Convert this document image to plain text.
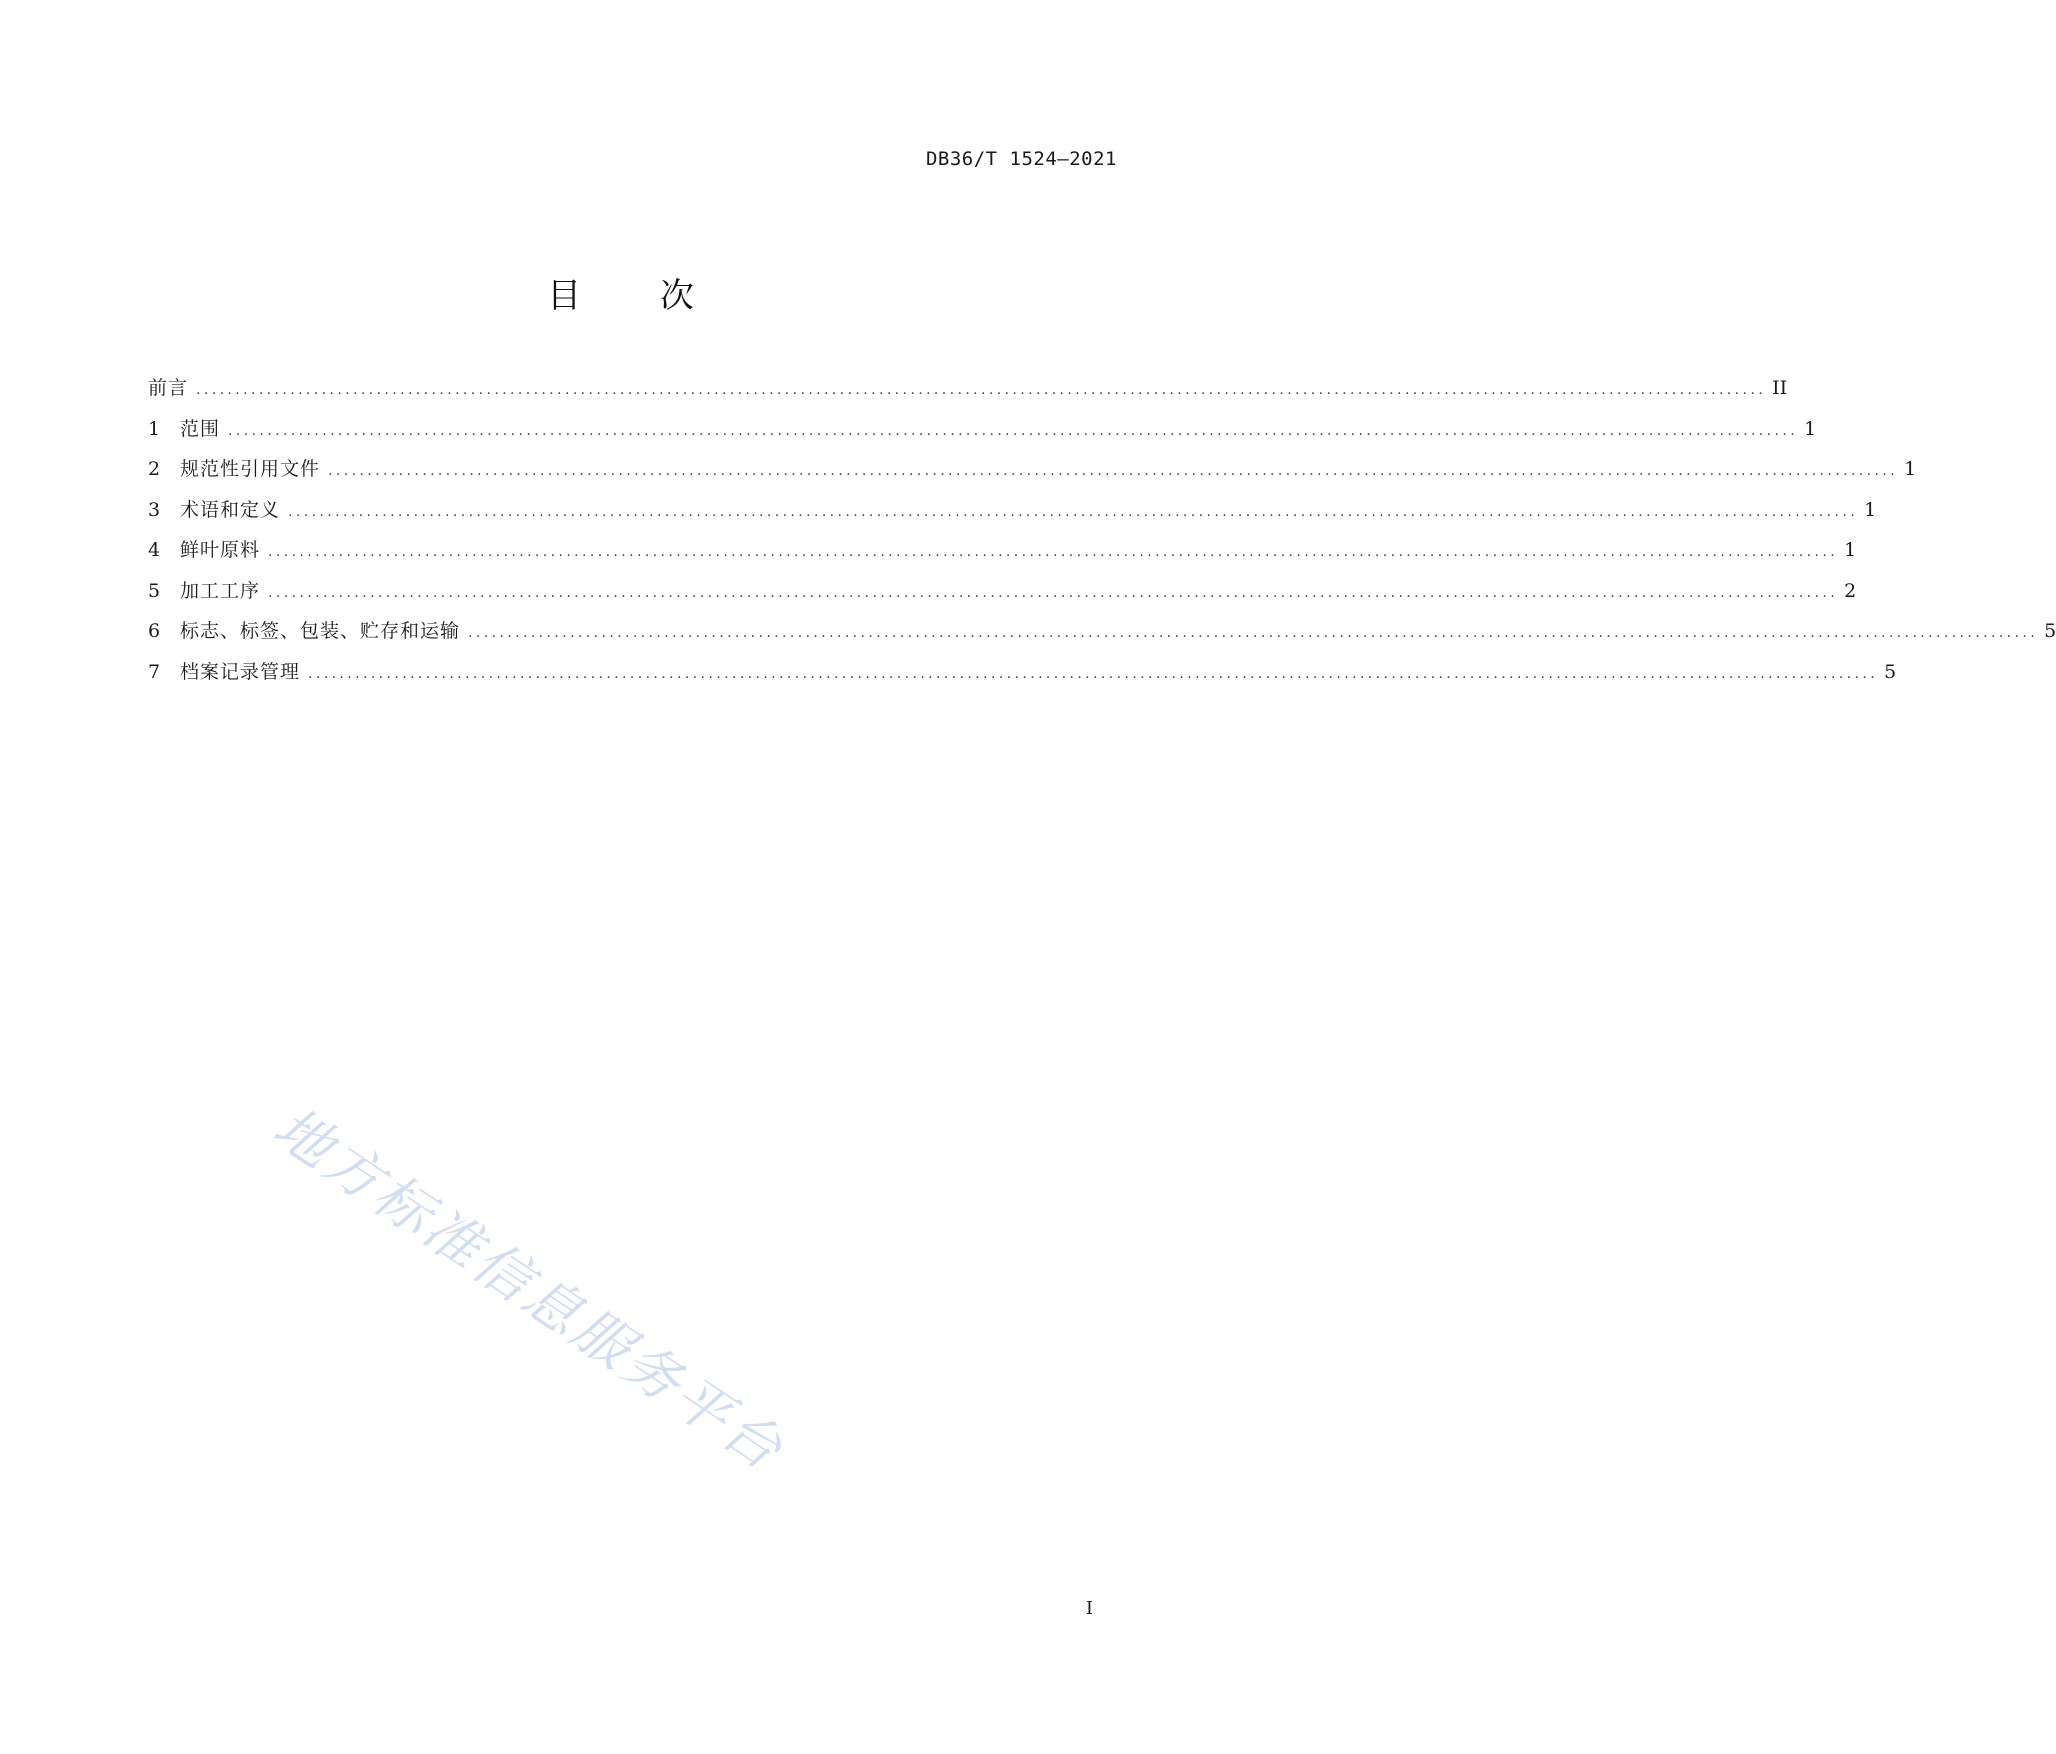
DB36/T 1524—2021
目 次
前言 ........................................................................................................................................................................................................ II
1	范围 ........................................................................................................................................................................................................ 1
2	规范性引用文件 ........................................................................................................................................................................................................ 1
3	术语和定义 ........................................................................................................................................................................................................ 1
4	鲜叶原料 ........................................................................................................................................................................................................ 1
5	加工工序 ........................................................................................................................................................................................................ 2
6	标志、标签、包装、贮存和运输 ........................................................................................................................................................................................................ 5
7	档案记录管理 ........................................................................................................................................................................................................ 5
地方标准信息服务平台
I
